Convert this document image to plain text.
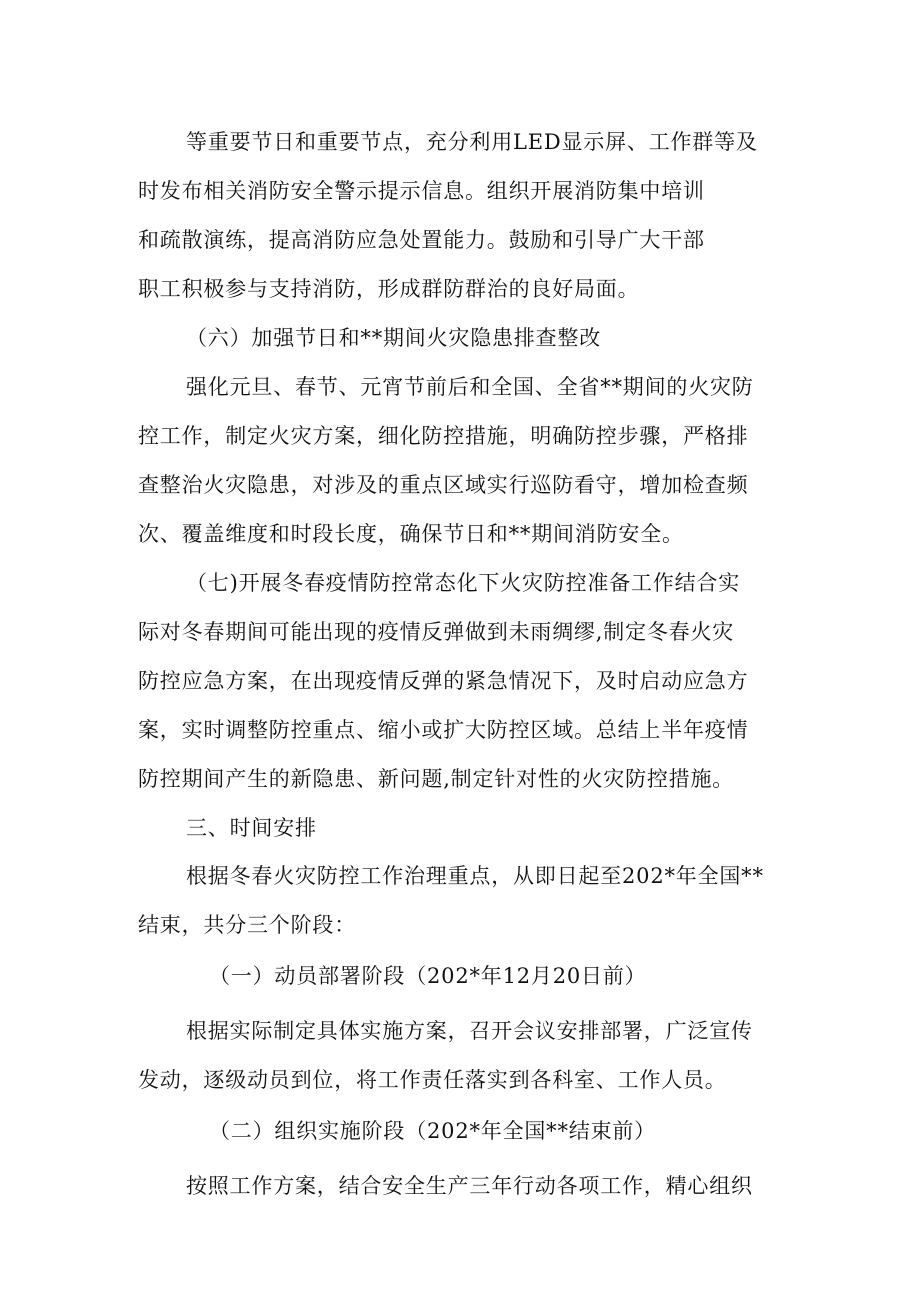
等重要节日和重要节点，充分利用LED显示屏、工作群等及
时发布相关消防安全警示提示信息。组织开展消防集中培训
和疏散演练，提高消防应急处置能力。鼓励和引导广大干部
职工积极参与支持消防，形成群防群治的良好局面。
（六）加强节日和**期间火灾隐患排查整改
强化元旦、春节、元宵节前后和全国、全省**期间的火灾防
控工作，制定火灾方案，细化防控措施，明确防控步骤，严格排
查整治火灾隐患，对涉及的重点区域实行巡防看守，增加检查频
次、覆盖维度和时段长度，确保节日和**期间消防安全。
（七)开展冬春疫情防控常态化下火灾防控准备工作结合实
际对冬春期间可能出现的疫情反弹做到未雨绸缪,制定冬春火灾
防控应急方案，在出现疫情反弹的紧急情况下，及时启动应急方
案，实时调整防控重点、缩小或扩大防控区域。总结上半年疫情
防控期间产生的新隐患、新问题,制定针对性的火灾防控措施。
三、时间安排
根据冬春火灾防控工作治理重点，从即日起至202*年全国**
结束，共分三个阶段：
（一）动员部署阶段（202*年12月20日前）
根据实际制定具体实施方案，召开会议安排部署，广泛宣传
发动，逐级动员到位，将工作责任落实到各科室、工作人员。
（二）组织实施阶段（202*年全国**结束前）
按照工作方案，结合安全生产三年行动各项工作，精心组织
